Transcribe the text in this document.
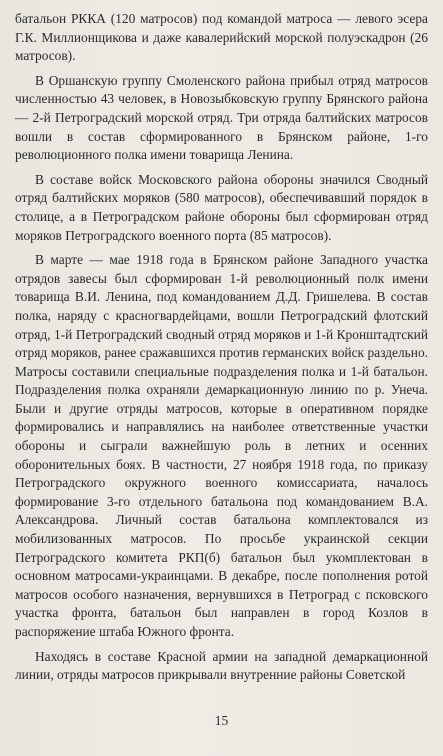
батальон РККА (120 матросов) под командой матроса — левого эсера Г.К. Миллионщикова и даже кавалерийский морской полуэскадрон (26 матросов).

В Оршанскую группу Смоленского района прибыл отряд матросов численностью 43 человек, в Новозыбковскую группу Брянского района — 2-й Петроградский морской отряд. Три отряда балтийских матросов вошли в состав сформированного в Брянском районе, 1-го революционного полка имени товарища Ленина.

В составе войск Московского района обороны значился Сводный отряд балтийских моряков (580 матросов), обеспечивавший порядок в столице, а в Петроградском районе обороны был сформирован отряд моряков Петроградского военного порта (85 матросов).

В марте — мае 1918 года в Брянском районе Западного участка отрядов завесы был сформирован 1-й революционный полк имени товарища В.И. Ленина, под командованием Д.Д. Гришелева. В состав полка, наряду с красногвардейцами, вошли Петроградский флотский отряд, 1-й Петроградский сводный отряд моряков и 1-й Кронштадтский отряд моряков, ранее сражавшихся против германских войск раздельно. Матросы составили специальные подразделения полка и 1-й батальон. Подразделения полка охраняли демаркационную линию по р. Унеча. Были и другие отряды матросов, которые в оперативном порядке формировались и направлялись на наиболее ответственные участки обороны и сыграли важнейшую роль в летних и осенних оборонительных боях. В частности, 27 ноября 1918 года, по приказу Петроградского окружного военного комиссариата, началось формирование 3-го отдельного батальона под командованием В.А. Александрова. Личный состав батальона комплектовался из мобилизованных матросов. По просьбе украинской секции Петроградского комитета РКП(б) батальон был укомплектован в основном матросами-украинцами. В декабре, после пополнения ротой матросов особого назначения, вернувшихся в Петроград с псковского участка фронта, батальон был направлен в город Козлов в распоряжение штаба Южного фронта.

Находясь в составе Красной армии на западной демаркационной линии, отряды матросов прикрывали внутренние районы Советской

15
